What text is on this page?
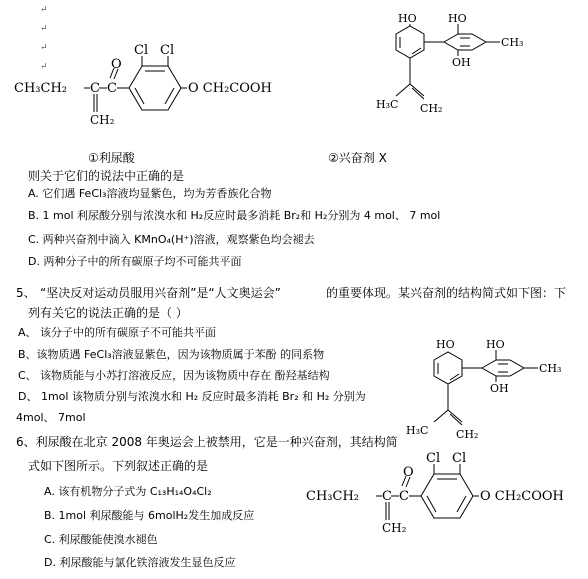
↵
↵
↵
↵
CH₃CH₂ C C
O
CH₂
Cl Cl
O CH₂COOH
①利尿酸
HO	HO
OH
CH₃
H₃C CH₂
②兴奋剂 X
则关于它们的说法中正确的是
A. 它们遇 FeCl₃溶液均显紫色，均为芳香族化合物
B. 1 mol 利尿酸分别与浓溴水和 H₂反应时最多消耗 Br₂和 H₂分别为 4 mol、 7 mol
C. 两种兴奋剂中滴入 KMnO₄(H⁺)溶液，观察紫色均会褪去
D. 两种分子中的所有碳原子均不可能共平面
5、 “坚决反对运动员服用兴奋剂”是“人文奥运会”	的重要体现。某兴奋剂的结构简式如下图：下
列有关它的说法正确的是（ ）
A、 该分子中的所有碳原子不可能共平面
B、该物质遇 FeCl₃溶液显紫色，因为该物质属于苯酚 的同系物
C、 该物质能与小苏打溶液反应，因为该物质中存在 酚羟基结构
D、 1mol 该物质分别与浓溴水和 H₂ 反应时最多消耗 Br₂ 和 H₂ 分别为
4mol、 7mol
HO	HO
OH
CH₃
H₃C	CH₂
6、利尿酸在北京 2008 年奥运会上被禁用，它是一种兴奋剂，其结构简
式如下图所示。下列叙述正确的是
A. 该有机物分子式为 C₁₃H₁₄O₄Cl₂
B. 1mol 利尿酸能与 6molH₂发生加成反应
C. 利尿酸能使溴水褪色
D. 利尿酸能与氯化铁溶液发生显色反应
CH₃CH₂ C C
O
CH₂
Cl Cl
O CH₂COOH
